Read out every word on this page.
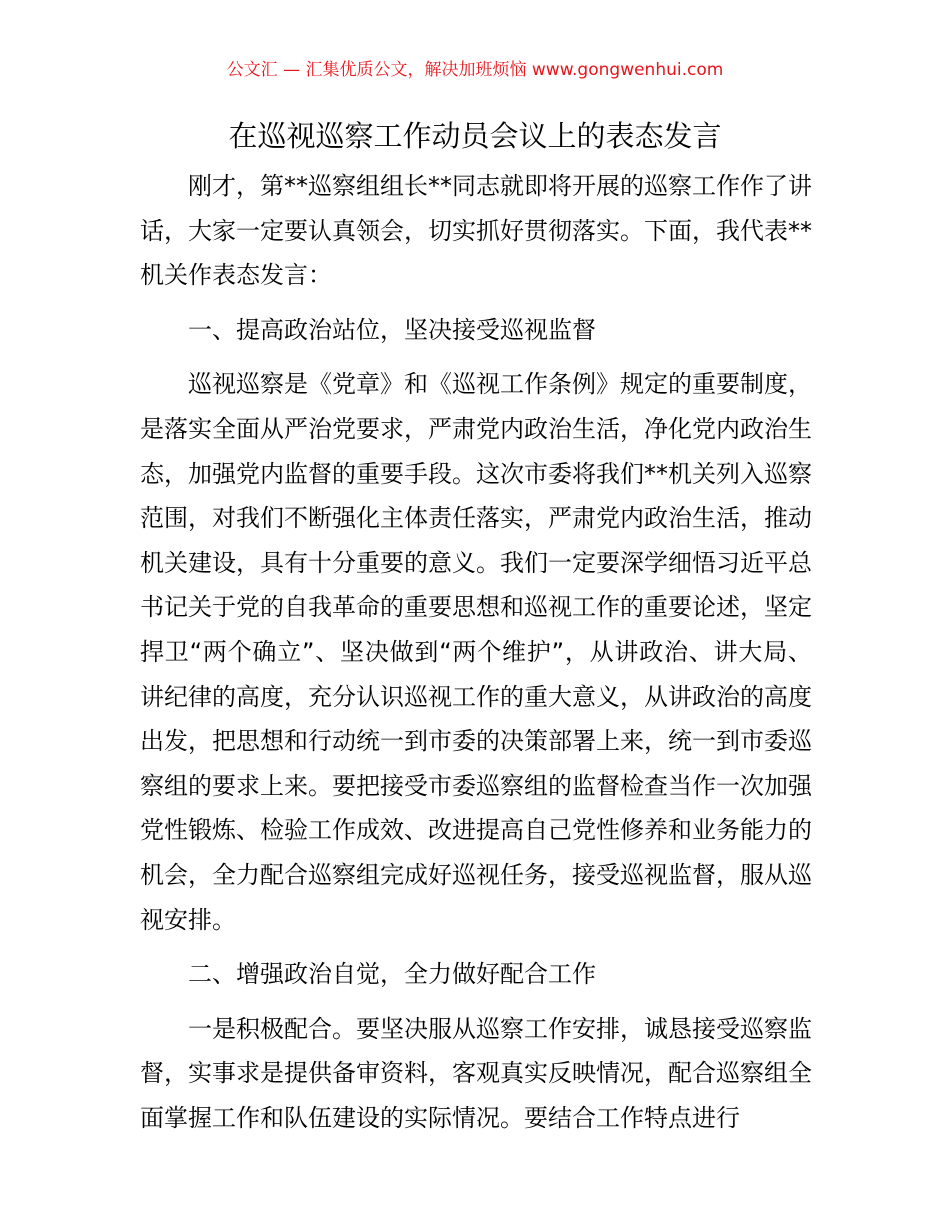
公文汇 — 汇集优质公文，解决加班烦恼 www.gongwenhui.com
在巡视巡察工作动员会议上的表态发言

刚才，第**巡察组组长**同志就即将开展的巡察工作作了讲话，大家一定要认真领会，切实抓好贯彻落实。下面，我代表**机关作表态发言：

一、提高政治站位，坚决接受巡视监督

巡视巡察是《党章》和《巡视工作条例》规定的重要制度，是落实全面从严治党要求，严肃党内政治生活，净化党内政治生态，加强党内监督的重要手段。这次市委将我们**机关列入巡察范围，对我们不断强化主体责任落实，严肃党内政治生活，推动机关建设，具有十分重要的意义。我们一定要深学细悟习近平总书记关于党的自我革命的重要思想和巡视工作的重要论述，坚定捍卫“两个确立”、坚决做到“两个维护”，从讲政治、讲大局、讲纪律的高度，充分认识巡视工作的重大意义，从讲政治的高度出发，把思想和行动统一到市委的决策部署上来，统一到市委巡察组的要求上来。要把接受市委巡察组的监督检查当作一次加强党性锻炼、检验工作成效、改进提高自己党性修养和业务能力的机会，全力配合巡察组完成好巡视任务，接受巡视监督，服从巡视安排。

二、增强政治自觉，全力做好配合工作

一是积极配合。要坚决服从巡察工作安排，诚恳接受巡察监督，实事求是提供备审资料，客观真实反映情况，配合巡察组全面掌握工作和队伍建设的实际情况。要结合工作特点进行
